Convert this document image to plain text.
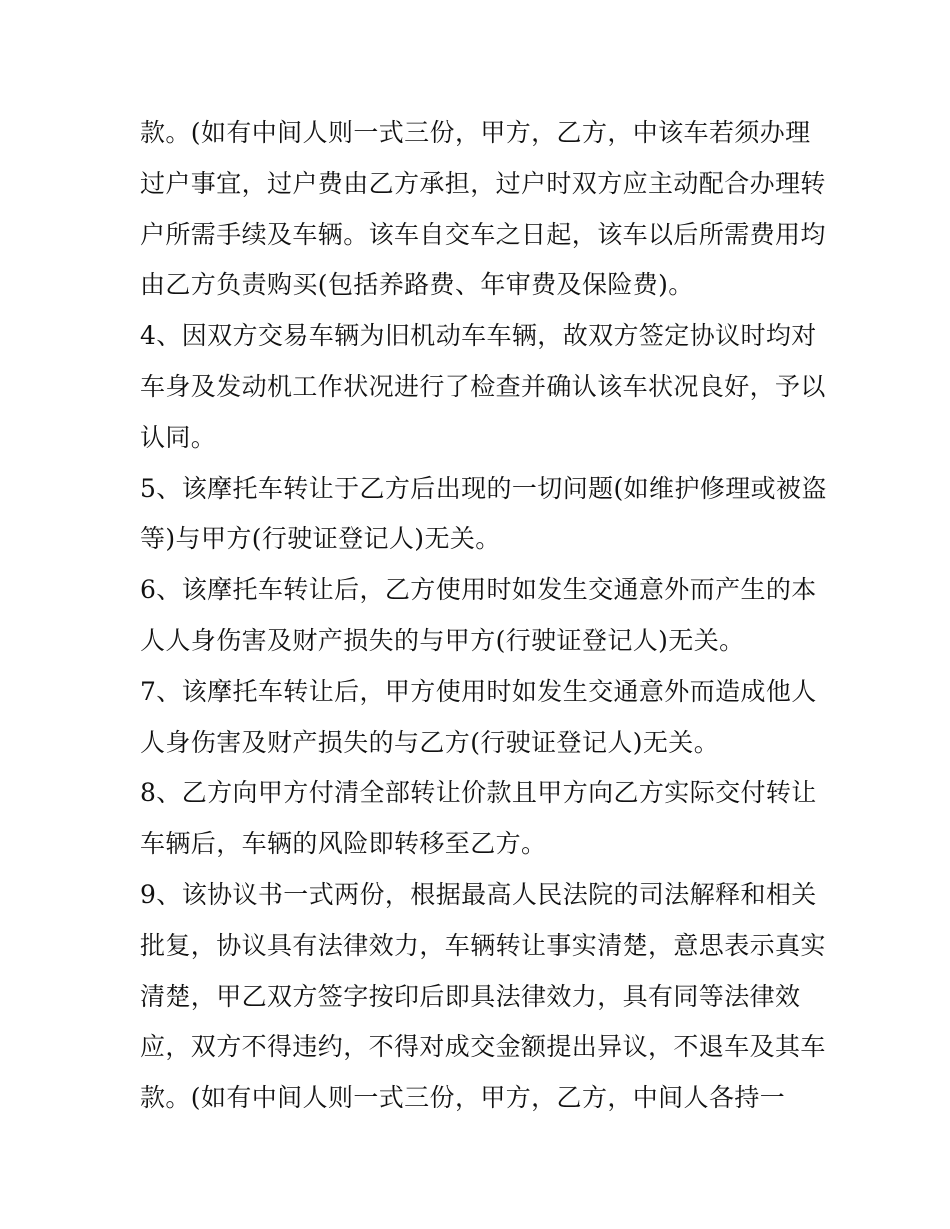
款。(如有中间人则一式三份，甲方，乙方，中该车若须办理
过户事宜，过户费由乙方承担，过户时双方应主动配合办理转
户所需手续及车辆。该车自交车之日起，该车以后所需费用均
由乙方负责购买(包括养路费、年审费及保险费)。
4、因双方交易车辆为旧机动车车辆，故双方签定协议时均对
车身及发动机工作状况进行了检查并确认该车状况良好，予以
认同。
5、该摩托车转让于乙方后出现的一切问题(如维护修理或被盗
等)与甲方(行驶证登记人)无关。
6、该摩托车转让后，乙方使用时如发生交通意外而产生的本
人人身伤害及财产损失的与甲方(行驶证登记人)无关。
7、该摩托车转让后，甲方使用时如发生交通意外而造成他人
人身伤害及财产损失的与乙方(行驶证登记人)无关。
8、乙方向甲方付清全部转让价款且甲方向乙方实际交付转让
车辆后，车辆的风险即转移至乙方。
9、该协议书一式两份，根据最高人民法院的司法解释和相关
批复，协议具有法律效力，车辆转让事实清楚，意思表示真实
清楚，甲乙双方签字按印后即具法律效力，具有同等法律效
应，双方不得违约，不得对成交金额提出异议，不退车及其车
款。(如有中间人则一式三份，甲方，乙方，中间人各持一
